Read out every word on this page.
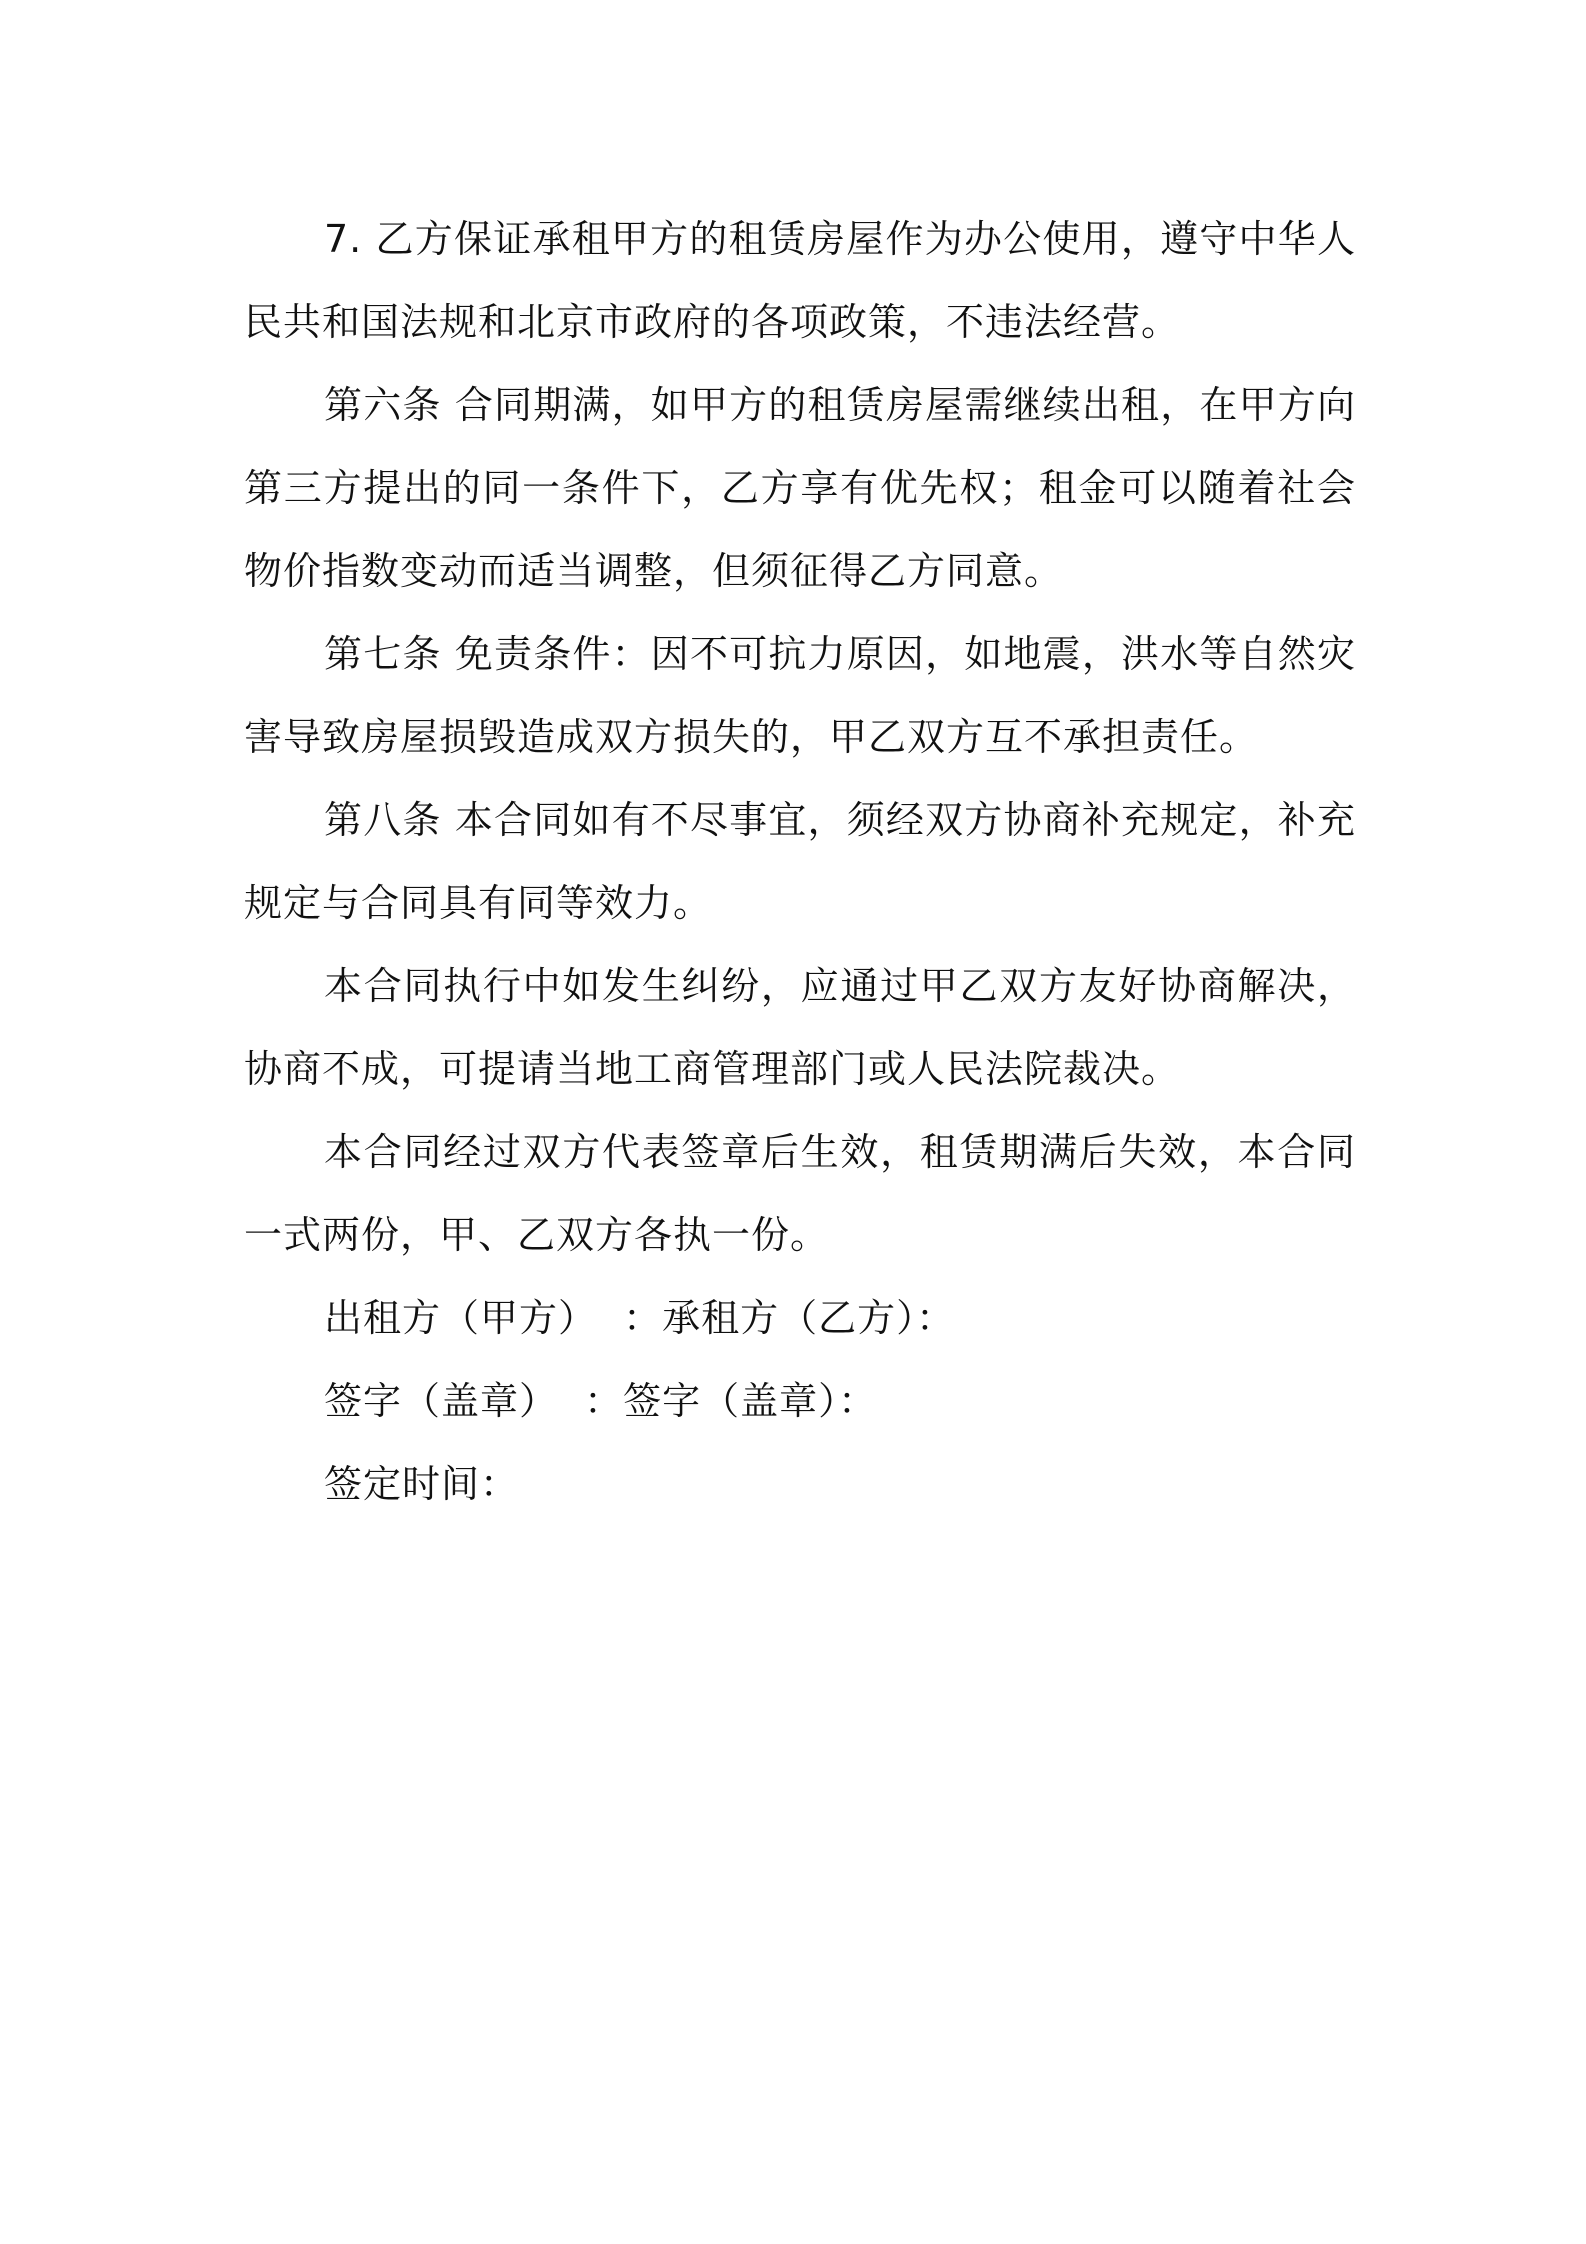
7. 乙方保证承租甲方的租赁房屋作为办公使用，遵守中华人民共和国法规和北京市政府的各项政策，不违法经营。

第六条 合同期满，如甲方的租赁房屋需继续出租，在甲方向第三方提出的同一条件下，乙方享有优先权；租金可以随着社会物价指数变动而适当调整，但须征得乙方同意。

第七条 免责条件：因不可抗力原因，如地震，洪水等自然灾害导致房屋损毁造成双方损失的，甲乙双方互不承担责任。

第八条 本合同如有不尽事宜，须经双方协商补充规定，补充规定与合同具有同等效力。

本合同执行中如发生纠纷，应通过甲乙双方友好协商解决，协商不成，可提请当地工商管理部门或人民法院裁决。

本合同经过双方代表签章后生效，租赁期满后失效，本合同一式两份，甲、乙双方各执一份。

出租方（甲方）  ：承租方（乙方）：

签字（盖章）  ：签字（盖章）：

签定时间：
